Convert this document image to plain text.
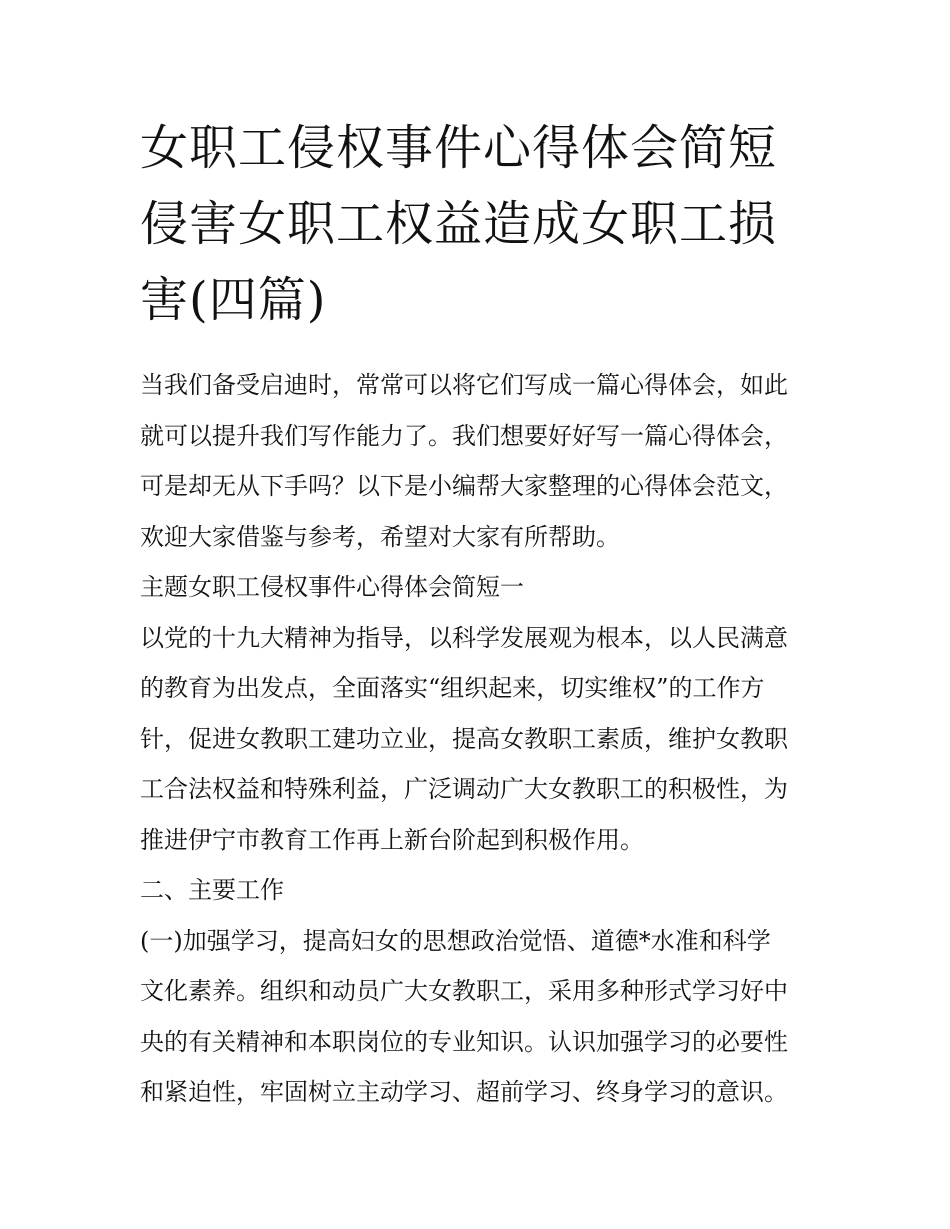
女职工侵权事件心得体会简短
侵害女职工权益造成女职工损
害(四篇)

当我们备受启迪时，常常可以将它们写成一篇心得体会，如此
就可以提升我们写作能力了。我们想要好好写一篇心得体会，
可是却无从下手吗？以下是小编帮大家整理的心得体会范文，
欢迎大家借鉴与参考，希望对大家有所帮助。

主题女职工侵权事件心得体会简短一

以党的十九大精神为指导，以科学发展观为根本，以人民满意
的教育为出发点，全面落实“组织起来，切实维权”的工作方
针，促进女教职工建功立业，提高女教职工素质，维护女教职
工合法权益和特殊利益，广泛调动广大女教职工的积极性，为
推进伊宁市教育工作再上新台阶起到积极作用。

二、主要工作

(一)加强学习，提高妇女的思想政治觉悟、道德*水准和科学
文化素养。组织和动员广大女教职工，采用多种形式学习好中
央的有关精神和本职岗位的专业知识。认识加强学习的必要性
和紧迫性，牢固树立主动学习、超前学习、终身学习的意识。
